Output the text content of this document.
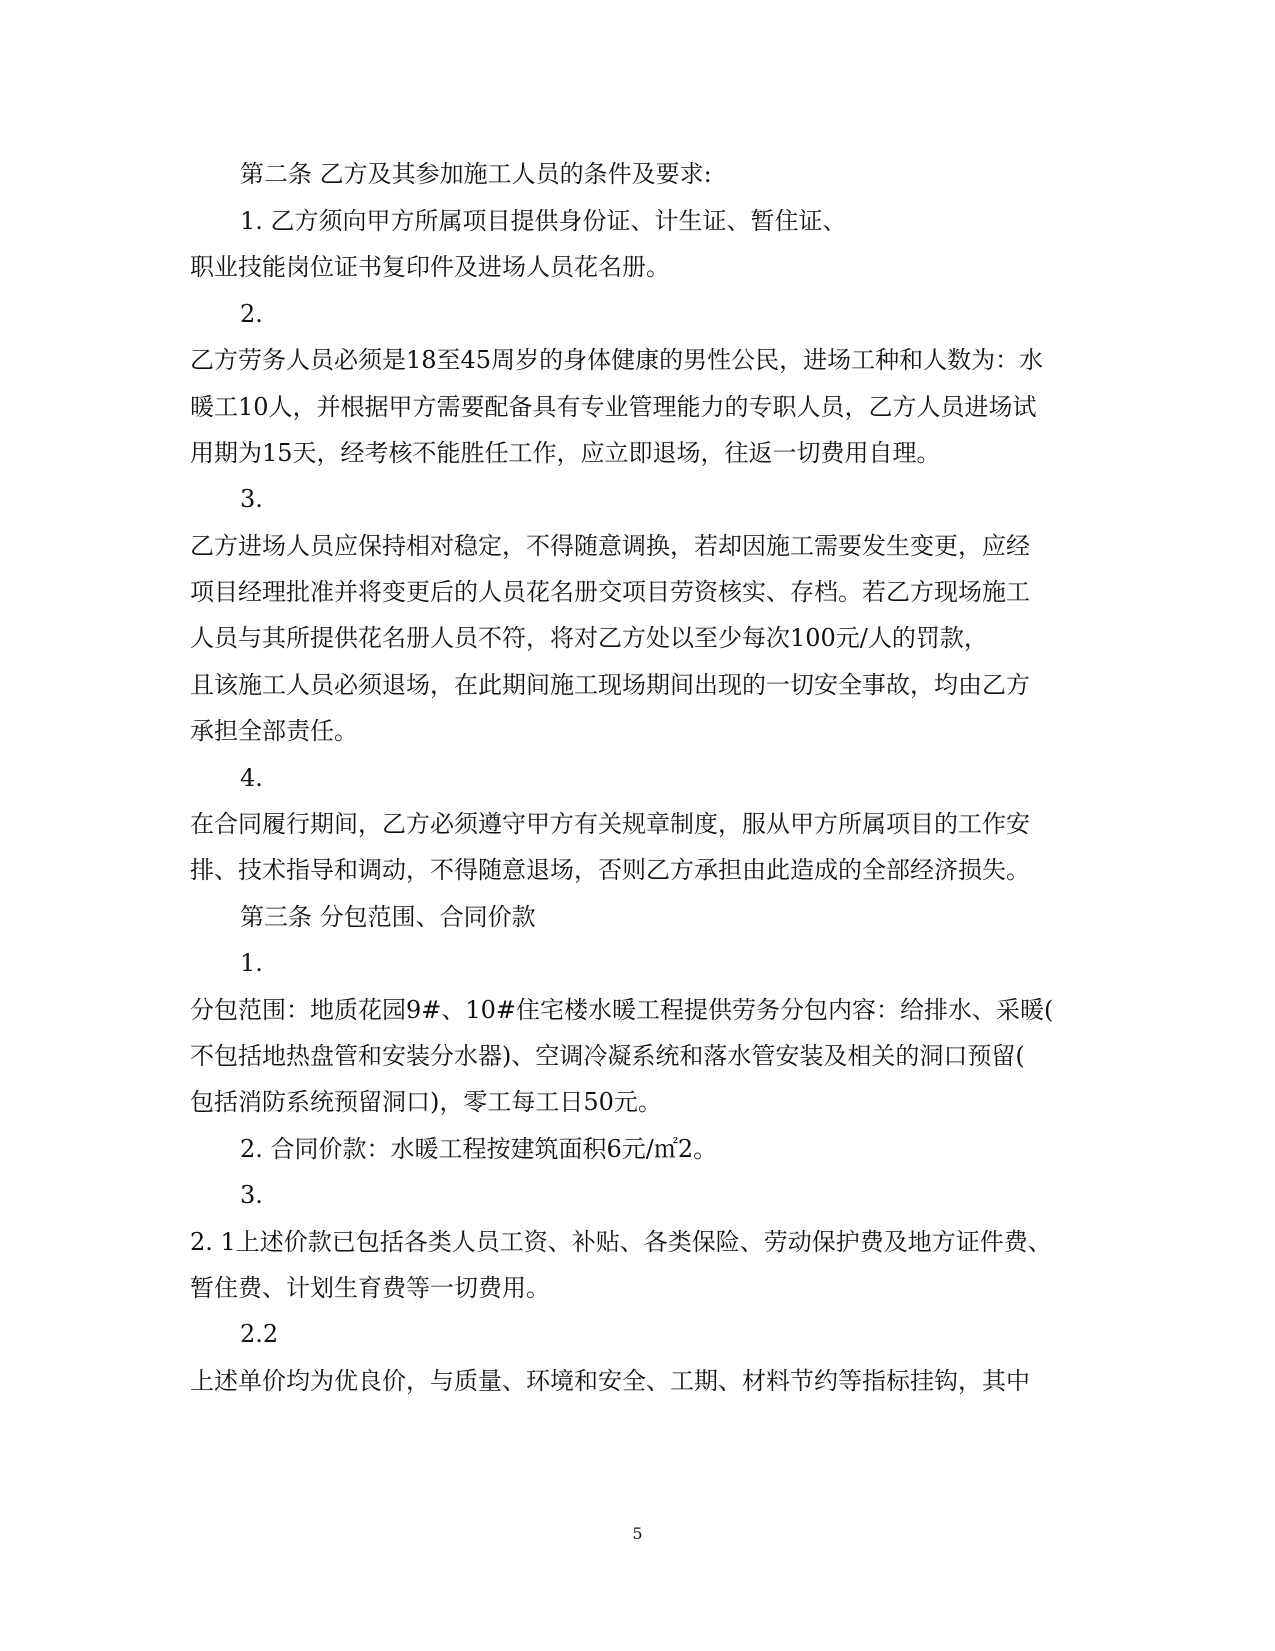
第二条 乙方及其参加施工人员的条件及要求:

1. 乙方须向甲方所属项目提供身份证、计生证、暂住证、

职业技能岗位证书复印件及进场人员花名册。

2.

乙方劳务人员必须是18至45周岁的身体健康的男性公民，进场工种和人数为：水

暖工10人，并根据甲方需要配备具有专业管理能力的专职人员，乙方人员进场试

用期为15天，经考核不能胜任工作，应立即退场，往返一切费用自理。

3.

乙方进场人员应保持相对稳定，不得随意调换，若却因施工需要发生变更，应经

项目经理批准并将变更后的人员花名册交项目劳资核实、存档。若乙方现场施工

人员与其所提供花名册人员不符，将对乙方处以至少每次100元/人的罚款，

且该施工人员必须退场，在此期间施工现场期间出现的一切安全事故，均由乙方

承担全部责任。

4.

在合同履行期间，乙方必须遵守甲方有关规章制度，服从甲方所属项目的工作安

排、技术指导和调动，不得随意退场，否则乙方承担由此造成的全部经济损失。

第三条 分包范围、合同价款

1.

分包范围：地质花园9#、10#住宅楼水暖工程提供劳务分包内容：给排水、采暖(

不包括地热盘管和安装分水器)、空调冷凝系统和落水管安装及相关的洞口预留(

包括消防系统预留洞口)，零工每工日50元。

2. 合同价款：水暖工程按建筑面积6元/㎡2。

3.

2. 1上述价款已包括各类人员工资、补贴、各类保险、劳动保护费及地方证件费、

暂住费、计划生育费等一切费用。

2.2

上述单价均为优良价，与质量、环境和安全、工期、材料节约等指标挂钩，其中

5
